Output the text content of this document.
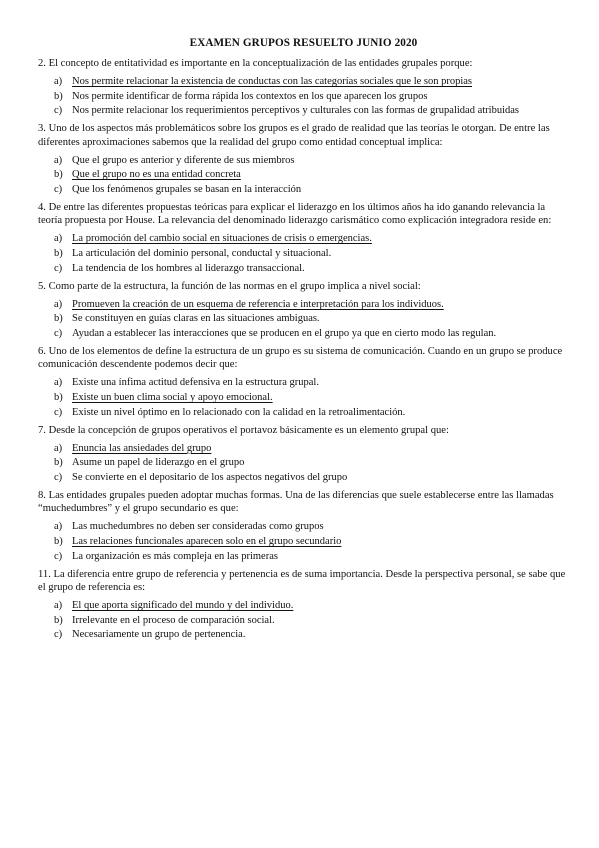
EXAMEN GRUPOS RESUELTO JUNIO 2020
2. El concepto de entitatividad es importante en la conceptualización de las entidades grupales porque:
a) Nos permite relacionar la existencia de conductas con las categorías sociales que le son propias
b) Nos permite identificar de forma rápida los contextos en los que aparecen los grupos
c) Nos permite relacionar los requerimientos perceptivos y culturales con las formas de grupalidad atribuidas
3. Uno de los aspectos más problemáticos sobre los grupos es el grado de realidad que las teorías le otorgan. De entre las diferentes aproximaciones sabemos que la realidad del grupo como entidad conceptual implica:
a) Que el grupo es anterior y diferente de sus miembros
b) Que el grupo no es una entidad concreta
c) Que los fenómenos grupales se basan en la interacción
4. De entre las diferentes propuestas teóricas para explicar el liderazgo en los últimos años ha ido ganando relevancia la teoría propuesta por House. La relevancia del denominado liderazgo carismático como explicación integradora reside en:
a) La promoción del cambio social en situaciones de crisis o emergencias.
b) La articulación del dominio personal, conductal y situacional.
c) La tendencia de los hombres al liderazgo transaccional.
5. Como parte de la estructura, la función de las normas en el grupo implica a nivel social:
a) Promueven la creación de un esquema de referencia e interpretación para los individuos.
b) Se constituyen en guías claras en las situaciones ambiguas.
c) Ayudan a establecer las interacciones que se producen en el grupo ya que en cierto modo las regulan.
6. Uno de los elementos de define la estructura de un grupo es su sistema de comunicación. Cuando en un grupo se produce comunicación descendente podemos decir que:
a) Existe una ínfima actitud defensiva en la estructura grupal.
b) Existe un buen clima social y apoyo emocional.
c) Existe un nivel óptimo en lo relacionado con la calidad en la retroalimentación.
7. Desde la concepción de grupos operativos el portavoz básicamente es un elemento grupal que:
a) Enuncia las ansiedades del grupo
b) Asume un papel de liderazgo en el grupo
c) Se convierte en el depositario de los aspectos negativos del grupo
8. Las entidades grupales pueden adoptar muchas formas. Una de las diferencias que suele establecerse entre las llamadas “muchedumbres” y el grupo secundario es que:
a) Las muchedumbres no deben ser consideradas como grupos
b) Las relaciones funcionales aparecen solo en el grupo secundario
c) La organización es más compleja en las primeras
11. La diferencia entre grupo de referencia y pertenencia es de suma importancia. Desde la perspectiva personal, se sabe que el grupo de referencia es:
a) El que aporta significado del mundo y del individuo.
b) Irrelevante en el proceso de comparación social.
c) Necesariamente un grupo de pertenencia.
